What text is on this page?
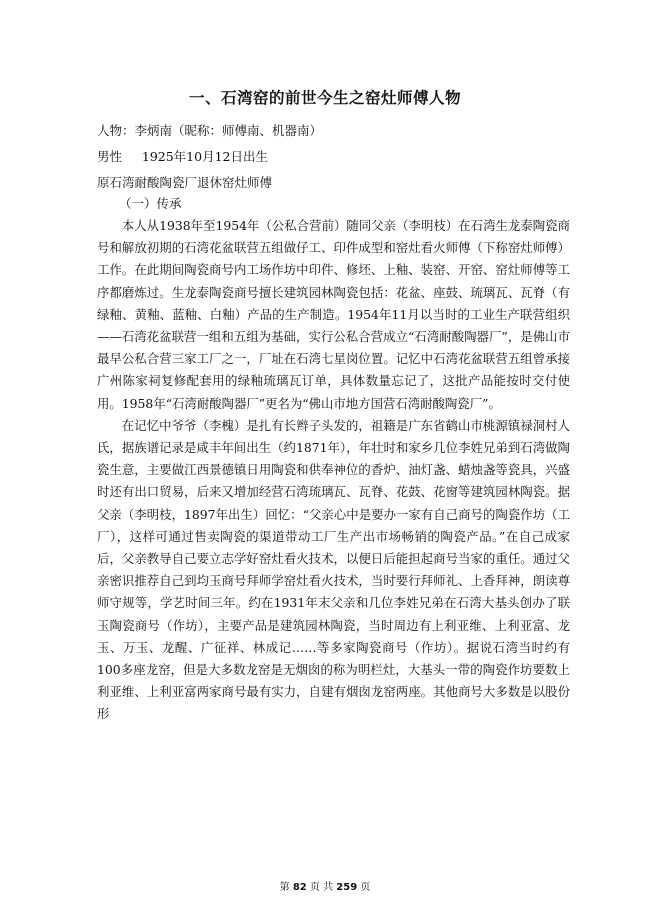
一、石湾窑的前世今生之窑灶师傅人物
人物：李炳南（昵称：师傅南、机器南）
男性     1925年10月12日出生
原石湾耐酸陶瓷厂退休窑灶师傅
（一）传承

本人从1938年至1954年（公私合营前）随同父亲（李明枝）在石湾生龙泰陶瓷商号和解放初期的石湾花盆联营五组做仔工、印件成型和窑灶看火师傅（下称窑灶师傅）工作。在此期间陶瓷商号内工场作坊中印件、修坯、上釉、装窑、开窑、窑灶师傅等工序都磨炼过。生龙泰陶瓷商号擅长建筑园林陶瓷包括：花盆、座鼓、琉璃瓦、瓦脊（有绿釉、黄釉、蓝釉、白釉）产品的生产制造。1954年11月以当时的工业生产联营组织——石湾花盆联营一组和五组为基础，实行公私合营成立“石湾耐酸陶器厂”，是佛山市最早公私合营三家工厂之一，厂址在石湾七星岗位置。记忆中石湾花盆联营五组曾承接广州陈家祠复修配套用的绿釉琉璃瓦订单，具体数量忘记了，这批产品能按时交付使用。1958年“石湾耐酸陶器厂”更名为“佛山市地方国营石湾耐酸陶瓷厂”。

在记忆中爷爷（李槐）是扎有长辫子头发的，祖籍是广东省鹤山市桃源镇禄洞村人氏，据族谱记录是咸丰年间出生（约1871年），年壮时和家乡几位李姓兄弟到石湾做陶瓷生意，主要做江西景德镇日用陶瓷和供奉神位的香炉、油灯盏、蜡烛盏等瓷具，兴盛时还有出口贸易，后来又增加经营石湾琉璃瓦、瓦脊、花鼓、花窗等建筑园林陶瓷。据父亲（李明枝，1897年出生）回忆：“父亲心中是要办一家有自己商号的陶瓷作坊（工厂），这样可通过售卖陶瓷的渠道带动工厂生产出市场畅销的陶瓷产品。”在自己成家后，父亲教导自己要立志学好窑灶看火技术，以便日后能担起商号当家的重任。通过父亲密识推荐自己到均玉商号拜师学窑灶看火技术，当时要行拜师礼、上香拜神，朗读尊师守规等，学艺时间三年。约在1931年末父亲和几位李姓兄弟在石湾大基头创办了联玉陶瓷商号（作坊），主要产品是建筑园林陶瓷，当时周边有上利亚维、上利亚富、龙玉、万玉、龙醒、广征祥、林成记……等多家陶瓷商号（作坊）。据说石湾当时约有100多座龙窑，但是大多数龙窑是无烟囱的称为明栏灶，大基头一带的陶瓷作坊要数上利亚维、上利亚富两家商号最有实力，自建有烟囱龙窑两座。其他商号大多数是以股份形

第 82 页 共 259 页
